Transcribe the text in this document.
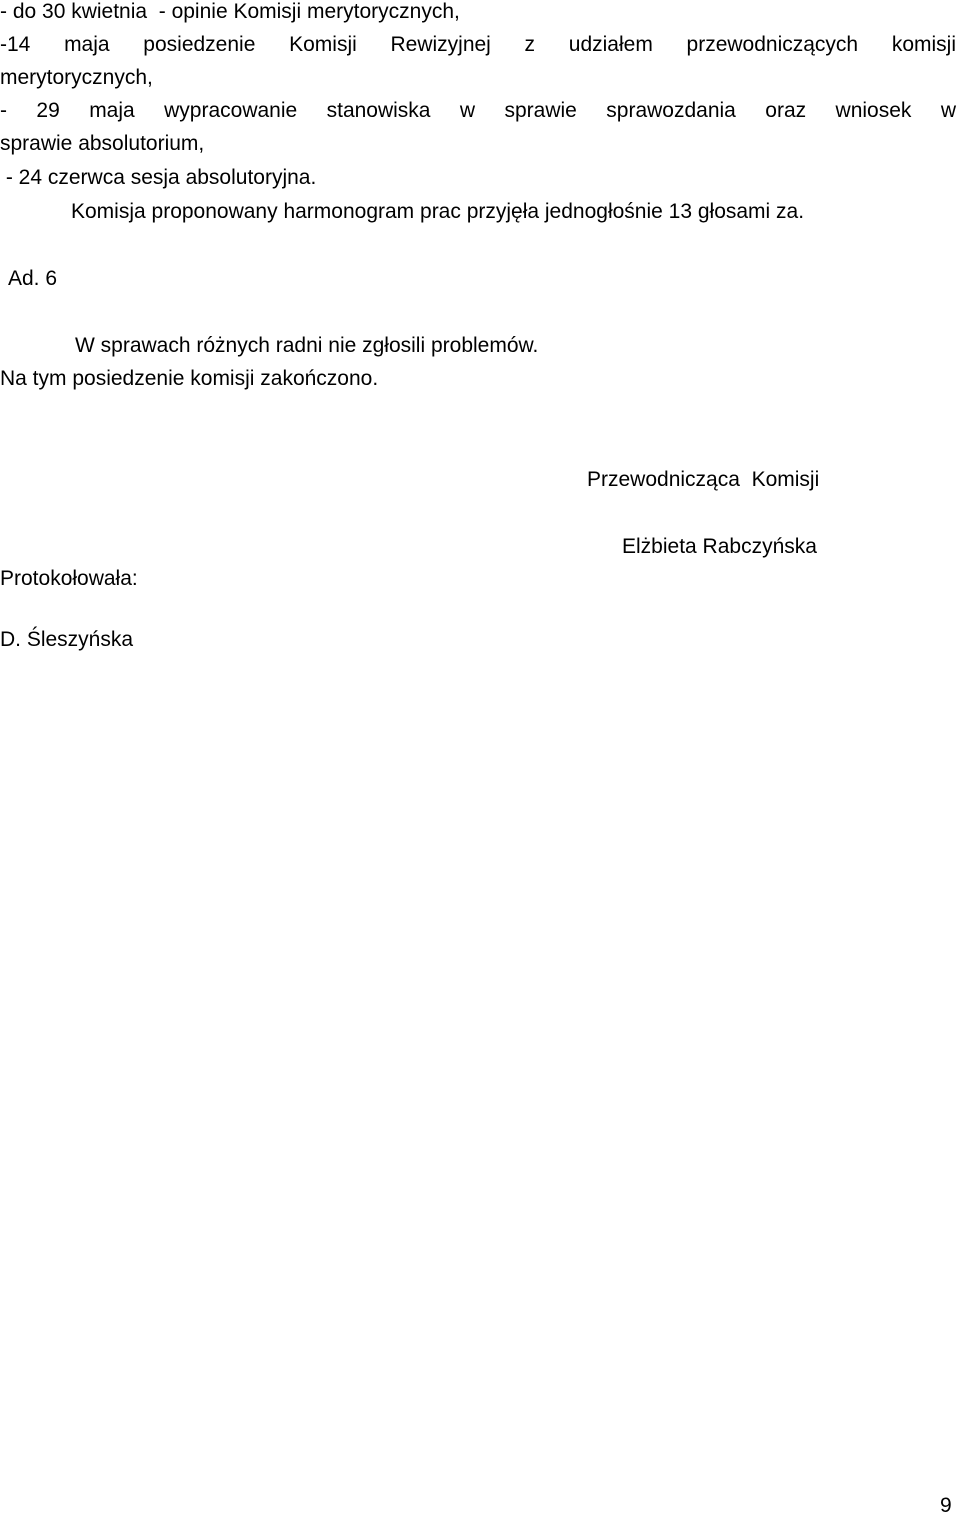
- do 30 kwietnia  - opinie Komisji merytorycznych,

-14 maja posiedzenie Komisji Rewizyjnej z udziałem przewodniczących komisji

merytorycznych,

- 29 maja wypracowanie stanowiska w sprawie sprawozdania oraz wniosek w

sprawie absolutorium,

- 24 czerwca sesja absolutoryjna.

Komisja proponowany harmonogram prac przyjęła jednogłośnie 13 głosami za.

Ad. 6

W sprawach różnych radni nie zgłosili problemów.

Na tym posiedzenie komisji zakończono.

Przewodnicząca  Komisji

Elżbieta Rabczyńska

Protokołowała:

D. Śleszyńska

9
